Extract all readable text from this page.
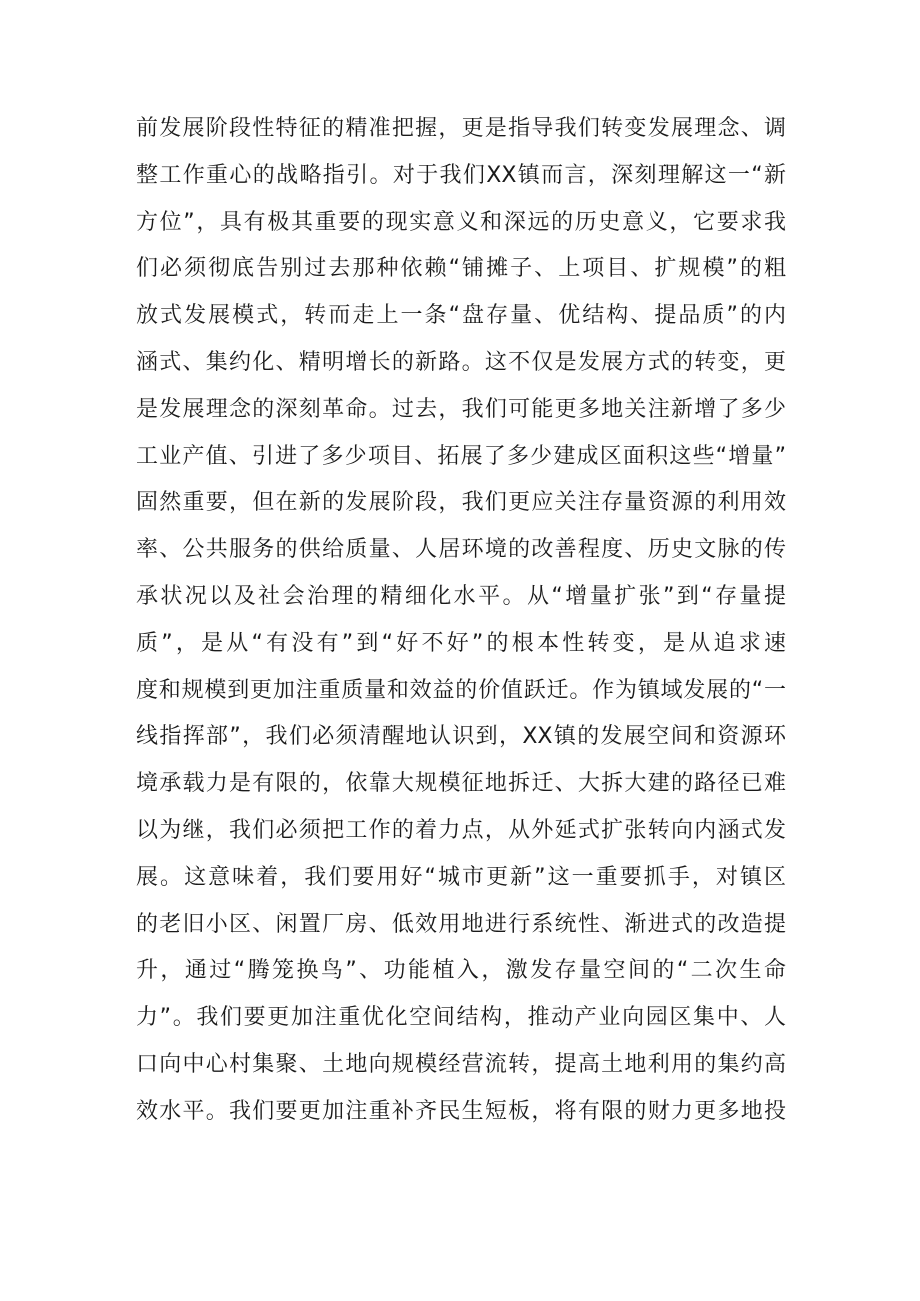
前发展阶段性特征的精准把握，更是指导我们转变发展理念、调
整工作重心的战略指引。对于我们XX镇而言，深刻理解这一“新
方位”，具有极其重要的现实意义和深远的历史意义，它要求我
们必须彻底告别过去那种依赖“铺摊子、上项目、扩规模”的粗
放式发展模式，转而走上一条“盘存量、优结构、提品质”的内
涵式、集约化、精明增长的新路。这不仅是发展方式的转变，更
是发展理念的深刻革命。过去，我们可能更多地关注新增了多少
工业产值、引进了多少项目、拓展了多少建成区面积这些“增量”
固然重要，但在新的发展阶段，我们更应关注存量资源的利用效
率、公共服务的供给质量、人居环境的改善程度、历史文脉的传
承状况以及社会治理的精细化水平。从“增量扩张”到“存量提
质”，是从“有没有”到“好不好”的根本性转变，是从追求速
度和规模到更加注重质量和效益的价值跃迁。作为镇域发展的“一
线指挥部”，我们必须清醒地认识到，XX镇的发展空间和资源环
境承载力是有限的，依靠大规模征地拆迁、大拆大建的路径已难
以为继，我们必须把工作的着力点，从外延式扩张转向内涵式发
展。这意味着，我们要用好“城市更新”这一重要抓手，对镇区
的老旧小区、闲置厂房、低效用地进行系统性、渐进式的改造提
升，通过“腾笼换鸟”、功能植入，激发存量空间的“二次生命
力”。我们要更加注重优化空间结构，推动产业向园区集中、人
口向中心村集聚、土地向规模经营流转，提高土地利用的集约高
效水平。我们要更加注重补齐民生短板，将有限的财力更多地投
